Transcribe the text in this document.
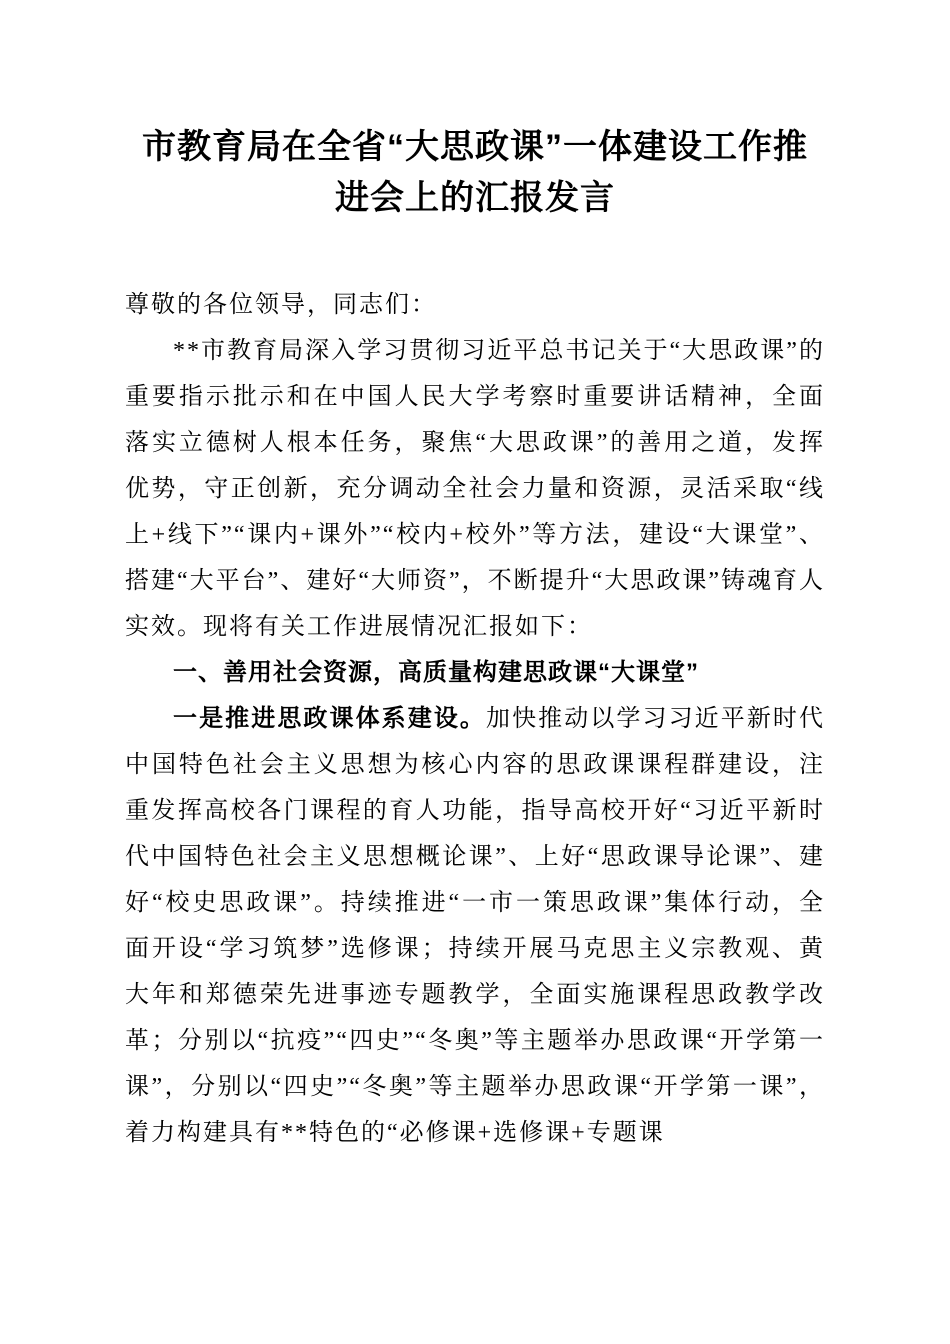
市教育局在全省“大思政课”一体建设工作推
进会上的汇报发言

尊敬的各位领导，同志们：

**市教育局深入学习贯彻习近平总书记关于“大思政课”的重要指示批示和在中国人民大学考察时重要讲话精神，全面落实立德树人根本任务，聚焦“大思政课”的善用之道，发挥优势，守正创新，充分调动全社会力量和资源，灵活采取“线上+线下”“课内+课外”“校内+校外”等方法，建设“大课堂”、搭建“大平台”、建好“大师资”，不断提升“大思政课”铸魂育人实效。现将有关工作进展情况汇报如下：

一、善用社会资源，高质量构建思政课“大课堂”

一是推进思政课体系建设。加快推动以学习习近平新时代中国特色社会主义思想为核心内容的思政课课程群建设，注重发挥高校各门课程的育人功能，指导高校开好“习近平新时代中国特色社会主义思想概论课”、上好“思政课导论课”、建好“校史思政课”。持续推进“一市一策思政课”集体行动，全面开设“学习筑梦”选修课；持续开展马克思主义宗教观、黄大年和郑德荣先进事迹专题教学，全面实施课程思政教学改革；分别以“抗疫”“四史”“冬奥”等主题举办思政课“开学第一课”，分别以“四史”“冬奥”等主题举办思政课“开学第一课”，着力构建具有**特色的“必修课+选修课+专题课
